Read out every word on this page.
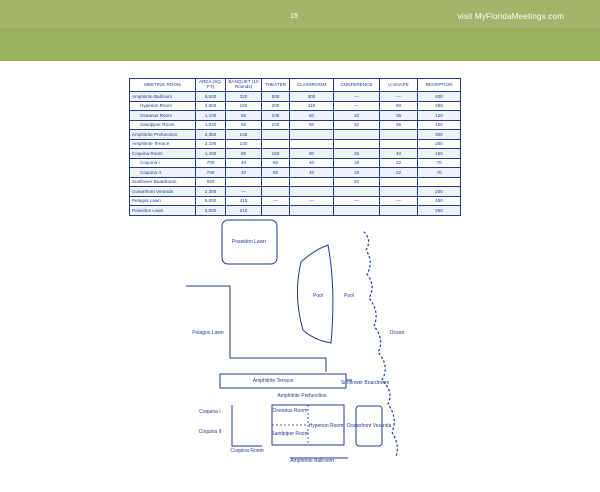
15	visit MyFloridaMeetings.com
MEETING ROOM	AREA (SQ. FT)	BANQUET (10 Rounds)	THEATER	CLASSROOM	CONFERENCE	U-SHAPE	RECEPTION
Amphitrite Ballroom	5,520	320	500	300	—	—	600
Hyperion Room	2,600	150	200	110	—	60	280
Oceanus Room	1,100	60	100	60	32	36	120
Sandpiper Room	1,020	60	100	60	32	36	100
Amphitrite Prefunction	2,350	145					300
Amphitrite Terrace	2,100	130					250
Coquina Room	1,400	80	150	80	25	40	160
Coquina I	700	40	60	40	18	22	70
Coquina II	700	40	60	40	18	22	70
Sunflower Boardroom	550				20		
Oceanfront Veranda	2,200	—					200
Pelagos Lawn	5,000	415	—	—	—	—	450
Poseidon Lawn	3,000	210					250
Poseidon Lawn
Pool	Pool
Ocean
Pelagos Lawn
Amphitrite Terrace	Sunflower Boardroom
Amphitrite Prefunction
Coquina I
Coquina II
Oceanus Room
Sandpiper Room
Hyperion Room Oceanfront Veranda
Coquina Room
Amphitrite Ballroom
